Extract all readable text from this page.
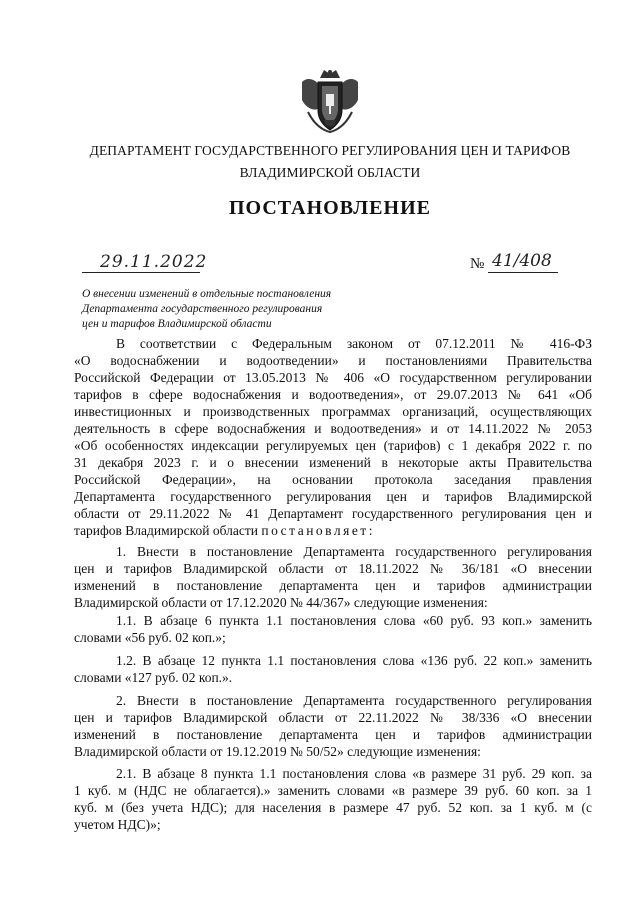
ДЕПАРТАМЕНТ ГОСУДАРСТВЕННОГО РЕГУЛИРОВАНИЯ ЦЕН И ТАРИФОВ
ВЛАДИМИРСКОЙ ОБЛАСТИ
ПОСТАНОВЛЕНИЕ
29.11.2022	№ 41/408
О внесении изменений в отдельные постановления
Департамента государственного регулирования
цен и тарифов Владимирской области
В соответствии с Федеральным законом от 07.12.2011 № 416-ФЗ
«О водоснабжении и водоотведении» и постановлениями Правительства
Российской Федерации от 13.05.2013 № 406 «О государственном регулировании
тарифов в сфере водоснабжения и водоотведения», от 29.07.2013 № 641 «Об
инвестиционных и производственных программах организаций, осуществляющих
деятельность в сфере водоснабжения и водоотведения» и от 14.11.2022 № 2053
«Об особенностях индексации регулируемых цен (тарифов) с 1 декабря 2022 г. по
31 декабря 2023 г. и о внесении изменений в некоторые акты Правительства
Российской Федерации», на основании протокола заседания правления
Департамента государственного регулирования цен и тарифов Владимирской
области от 29.11.2022 № 41 Департамент государственного регулирования цен и
тарифов Владимирской области постановляет:
1. Внести в постановление Департамента государственного регулирования
цен и тарифов Владимирской области от 18.11.2022 № 36/181 «О внесении
изменений в постановление департамента цен и тарифов администрации
Владимирской области от 17.12.2020 № 44/367» следующие изменения:
1.1. В абзаце 6 пункта 1.1 постановления слова «60 руб. 93 коп.» заменить
словами «56 руб. 02 коп.»;
1.2. В абзаце 12 пункта 1.1 постановления слова «136 руб. 22 коп.» заменить
словами «127 руб. 02 коп.».
2. Внести в постановление Департамента государственного регулирования
цен и тарифов Владимирской области от 22.11.2022 № 38/336 «О внесении
изменений в постановление департамента цен и тарифов администрации
Владимирской области от 19.12.2019 № 50/52» следующие изменения:
2.1. В абзаце 8 пункта 1.1 постановления слова «в размере 31 руб. 29 коп. за
1 куб. м (НДС не облагается).» заменить словами «в размере 39 руб. 60 коп. за 1
куб. м (без учета НДС); для населения в размере 47 руб. 52 коп. за 1 куб. м (с
учетом НДС)»;
